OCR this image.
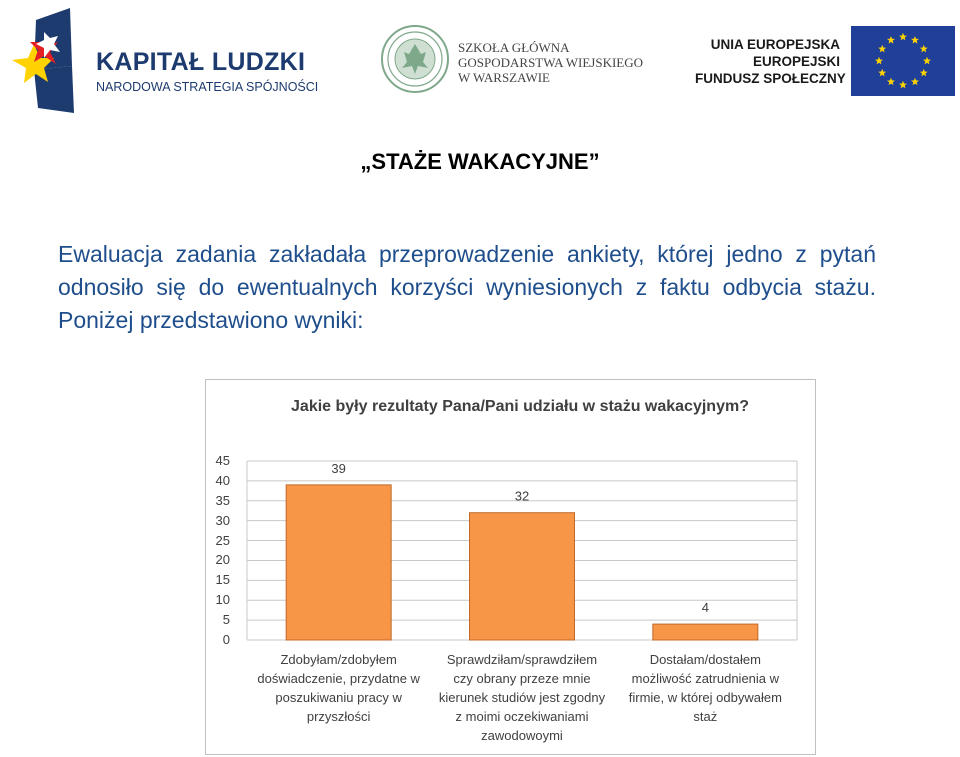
KAPITAŁ LUDZKI
NARODOWA STRATEGIA SPÓJNOŚCI
SZKOŁA GŁÓWNA
GOSPODARSTWA WIEJSKIEGO
W WARSZAWIE
UNIA EUROPEJSKA
EUROPEJSKI
FUNDUSZ SPOŁECZNY
„STAŻE WAKACYJNE”
Ewaluacja zadania zakładała przeprowadzenie ankiety, której jedno z pytań odnosiło się do ewentualnych korzyści wyniesionych z faktu odbycia stażu. Poniżej przedstawiono wyniki:
39
32
4
Jakie były rezultaty Pana/Pani udziału w stażu wakacyjnym?
45
40
35
30
25
20
15
10
5
0
Zdobyłam/zdobyłem
doświadczenie, przydatne w
poszukiwaniu pracy w
przyszłości
Sprawdziłam/sprawdziłem
czy obrany przeze mnie
kierunek studiów jest zgodny
z moimi oczekiwaniami
zawodowoymi
Dostałam/dostałem
możliwość zatrudnienia w
firmie, w której odbywałem
staż
